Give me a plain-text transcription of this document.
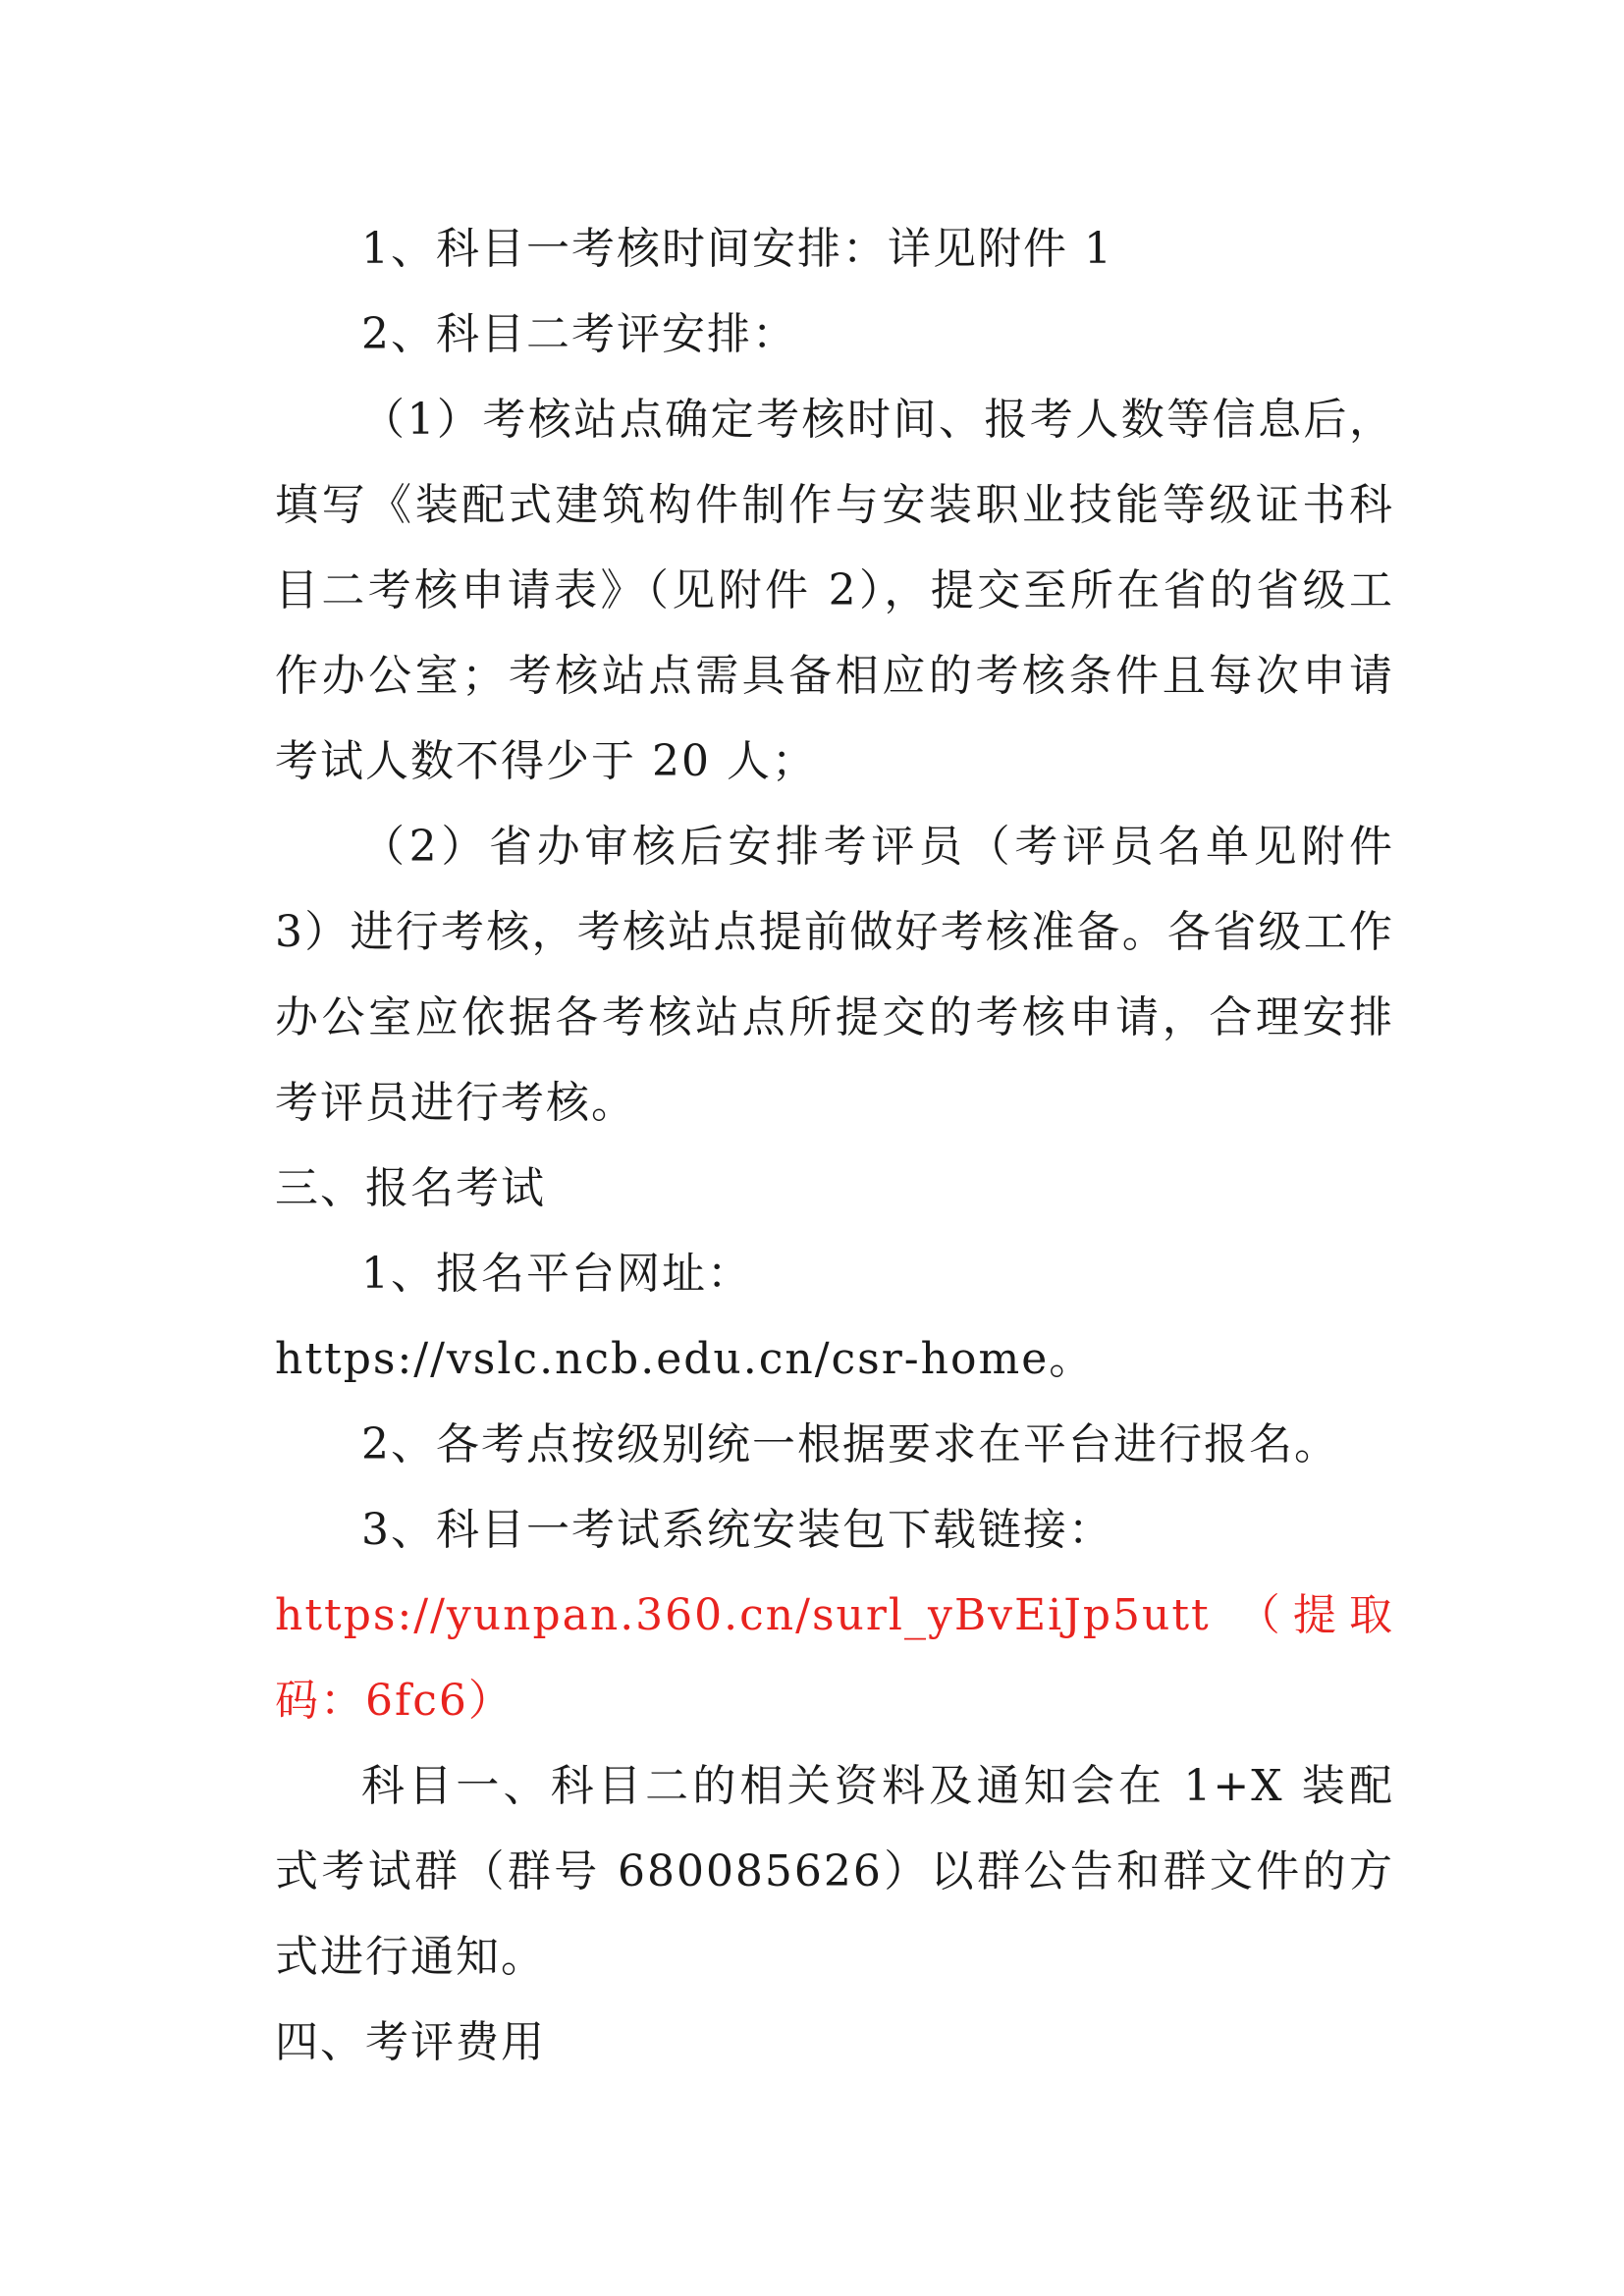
1、科目一考核时间安排：详见附件 1

2、科目二考评安排：

（1）考核站点确定考核时间、报考人数等信息后，填写《装配式建筑构件制作与安装职业技能等级证书科目二考核申请表》（见附件 2），提交至所在省的省级工作办公室；考核站点需具备相应的考核条件且每次申请考试人数不得少于 20 人；

（2）省办审核后安排考评员（考评员名单见附件 3）进行考核，考核站点提前做好考核准备。各省级工作办公室应依据各考核站点所提交的考核申请，合理安排考评员进行考核。

三、报名考试

1、报名平台网址：

https://vslc.ncb.edu.cn/csr-home。

2、各考点按级别统一根据要求在平台进行报名。

3、科目一考试系统安装包下载链接：

https://yunpan.360.cn/surl_yBvEiJp5utt （提取码：6fc6）

科目一、科目二的相关资料及通知会在 1+X 装配式考试群（群号 680085626）以群公告和群文件的方式进行通知。

四、考评费用
